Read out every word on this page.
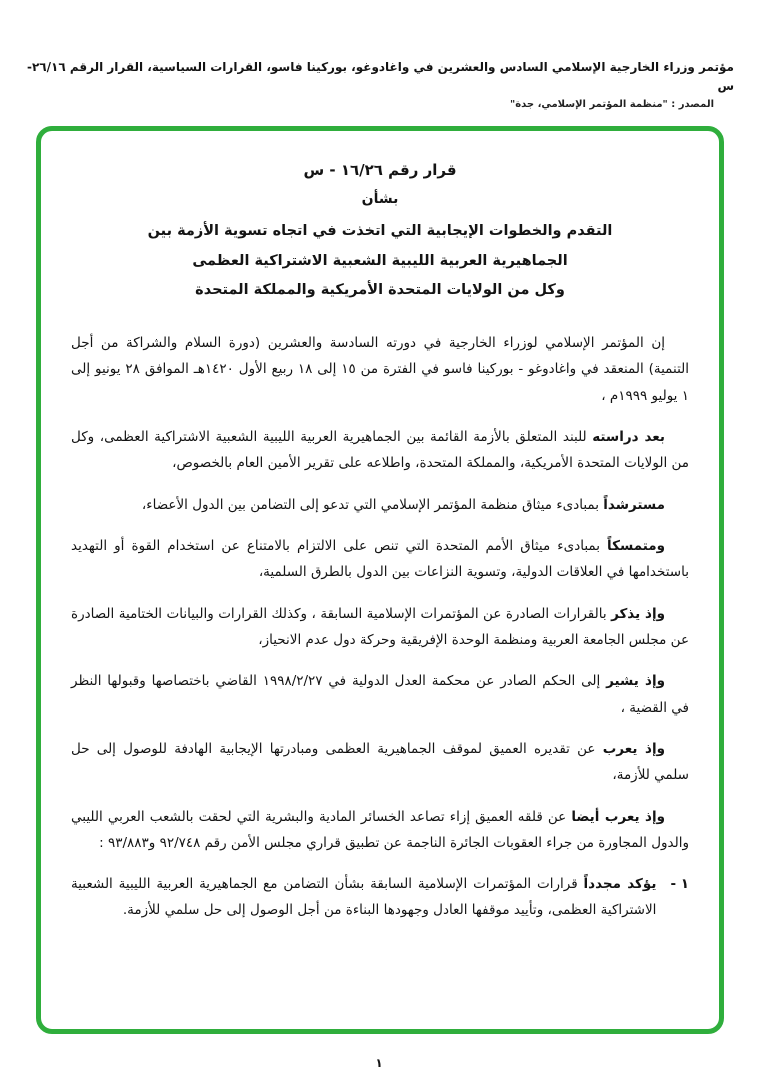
مؤتمر وزراء الخارجية الإسلامي السادس والعشرين في واغادوغو، بوركينا فاسو، القرارات السياسية، القرار الرقم ٢٦/١٦-س
المصدر : "منظمة المؤتمر الإسلامي، جدة"
قرار رقم ١٦/٢٦ - س
بشأن
التقدم والخطوات الإيجابية التي اتخذت في اتجاه تسوية الأزمة بين
الجماهيرية العربية الليبية الشعبية الاشتراكية العظمى
وكل من الولايات المتحدة الأمريكية والمملكة المتحدة

إن المؤتمر الإسلامي لوزراء الخارجية في دورته السادسة والعشرين (دورة السلام والشراكة من أجل التنمية) المنعقد في واغادوغو - بوركينا فاسو في الفترة من ١٥ إلى ١٨ ربيع الأول ١٤٢٠هـ الموافق ٢٨ يونيو إلى ١ يوليو ١٩٩٩م ،

بعد دراسته للبند المتعلق بالأزمة القائمة بين الجماهيرية العربية الليبية الشعبية الاشتراكية العظمى، وكل من الولايات المتحدة الأمريكية، والمملكة المتحدة، واطلاعه على تقرير الأمين العام بالخصوص،

مسترشداً بمبادىء ميثاق منظمة المؤتمر الإسلامي التي تدعو إلى التضامن بين الدول الأعضاء،

ومتمسكاً بمبادىء ميثاق الأمم المتحدة التي تنص على الالتزام بالامتناع عن استخدام القوة أو التهديد باستخدامها في العلاقات الدولية، وتسوية النزاعات بين الدول بالطرق السلمية،

وإذ يذكر بالقرارات الصادرة عن المؤتمرات الإسلامية السابقة ، وكذلك القرارات والبيانات الختامية الصادرة عن مجلس الجامعة العربية ومنظمة الوحدة الإفريقية وحركة دول عدم الانحياز،

وإذ يشير إلى الحكم الصادر عن محكمة العدل الدولية في ١٩٩٨/٢/٢٧ القاضي باختصاصها وقبولها النظر في القضية ،

وإذ يعرب عن تقديره العميق لموقف الجماهيرية العظمى ومبادرتها الإيجابية الهادفة للوصول إلى حل سلمي للأزمة،

وإذ يعرب أيضا عن قلقه العميق إزاء تصاعد الخسائر المادية والبشرية التي لحقت بالشعب العربي الليبي والدول المجاورة من جراء العقوبات الجائرة الناجمة عن تطبيق قراري مجلس الأمن رقم ٩٢/٧٤٨ و٩٣/٨٨٣ :

١ -

يؤكد مجدداً قرارات المؤتمرات الإسلامية السابقة بشأن التضامن مع الجماهيرية العربية الليبية الشعبية الاشتراكية العظمى، وتأييد موقفها العادل وجهودها البناءة من أجل الوصول إلى حل سلمي للأزمة.

١
